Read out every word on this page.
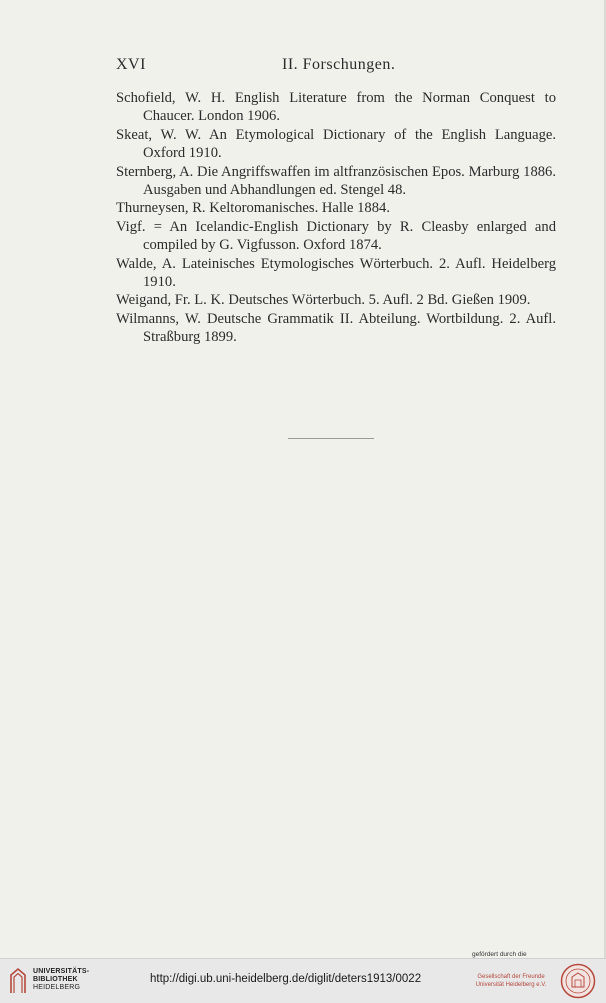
XVI	II. Forschungen.

Schofield, W. H. English Literature from the Norman Conquest to Chaucer. London 1906.

Skeat, W. W. An Etymological Dictionary of the English Language. Oxford 1910.

Sternberg, A. Die Angriffswaffen im altfranzösischen Epos. Marburg 1886. Ausgaben und Abhandlungen ed. Stengel 48.

Thurneysen, R. Keltoromanisches. Halle 1884.

Vigf. = An Icelandic-English Dictionary by R. Cleasby enlarged and compiled by G. Vigfusson. Oxford 1874.

Walde, A. Lateinisches Etymologisches Wörterbuch. 2. Aufl. Heidelberg 1910.

Weigand, Fr. L. K. Deutsches Wörterbuch. 5. Aufl. 2 Bd. Gießen 1909.

Wilmanns, W. Deutsche Grammatik II. Abteilung. Wortbildung. 2. Aufl. Straßburg 1899.

UNIVERSITÄTS-
BIBLIOTHEK
HEIDELBERG
http://digi.ub.uni-heidelberg.de/diglit/deters1913/0022
gefördert durch die
Gesellschaft der Freunde
Universität Heidelberg e.V.
